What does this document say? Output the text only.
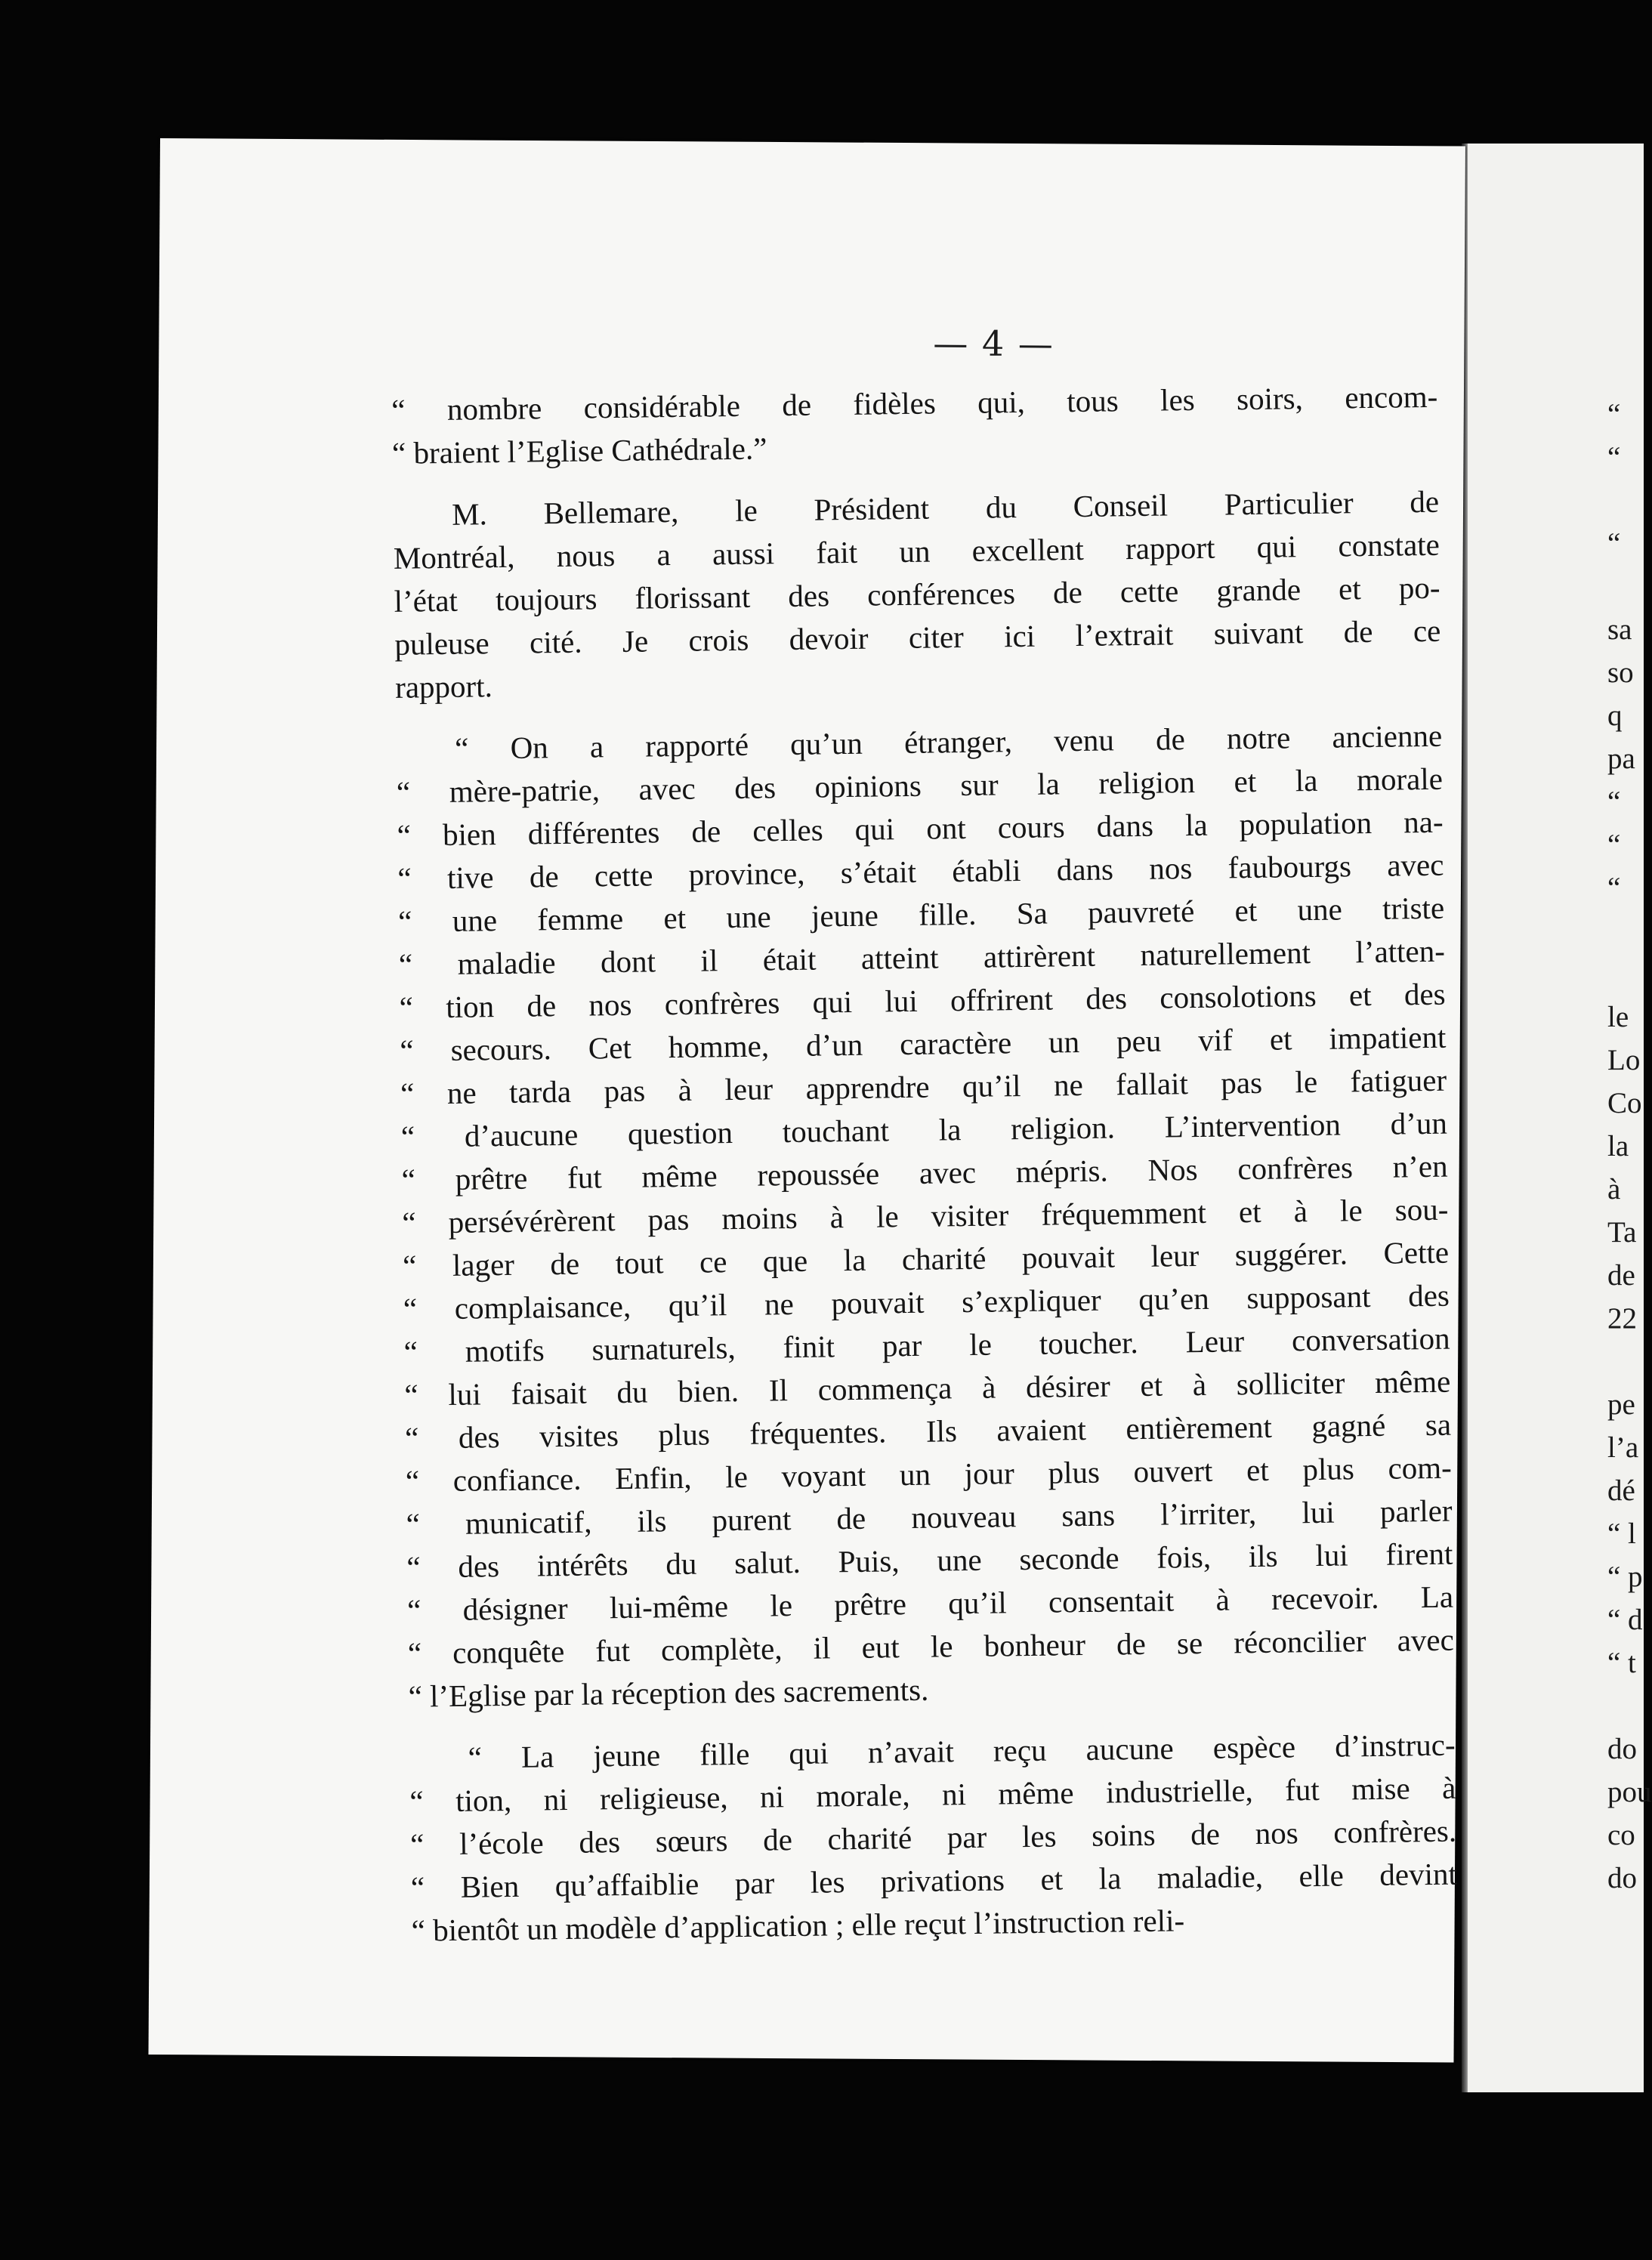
“
“

“

sa
so
q
pa
“
“
“

le
Lo
Co
la
à
Ta
de
22

pe
l’a
dé
“ l
“ p
“ d
“ t

do
pou
co
do
— 4 —
“ nombre considérable de fidèles qui, tous les soirs, encom-
“ braient l’Eglise Cathédrale.”
M. Bellemare, le Président du Conseil Particulier de
Montréal, nous a aussi fait un excellent rapport qui constate
l’état toujours florissant des conférences de cette grande et po-
puleuse cité. Je crois devoir citer ici l’extrait suivant de ce
rapport.
“ On a rapporté qu’un étranger, venu de notre ancienne
“ mère-patrie, avec des opinions sur la religion et la morale
“ bien différentes de celles qui ont cours dans la population na-
“ tive de cette province, s’était établi dans nos faubourgs avec
“ une femme et une jeune fille. Sa pauvreté et une triste
“ maladie dont il était atteint attirèrent naturellement l’atten-
“ tion de nos confrères qui lui offrirent des consolotions et des
“ secours. Cet homme, d’un caractère un peu vif et impatient
“ ne tarda pas à leur apprendre qu’il ne fallait pas le fatiguer
“ d’aucune question touchant la religion. L’intervention d’un
“ prêtre fut même repoussée avec mépris. Nos confrères n’en
“ persévérèrent pas moins à le visiter fréquemment et à le sou-
“ lager de tout ce que la charité pouvait leur suggérer. Cette
“ complaisance, qu’il ne pouvait s’expliquer qu’en supposant des
“ motifs surnaturels, finit par le toucher. Leur conversation
“ lui faisait du bien. Il commença à désirer et à solliciter même
“ des visites plus fréquentes. Ils avaient entièrement gagné sa
“ confiance. Enfin, le voyant un jour plus ouvert et plus com-
“ municatif, ils purent de nouveau sans l’irriter, lui parler
“ des intérêts du salut. Puis, une seconde fois, ils lui firent
“ désigner lui-même le prêtre qu’il consentait à recevoir. La
“ conquête fut complète, il eut le bonheur de se réconcilier avec
“ l’Eglise par la réception des sacrements.
“ La jeune fille qui n’avait reçu aucune espèce d’instruc-
“ tion, ni religieuse, ni morale, ni même industrielle, fut mise à
“ l’école des sœurs de charité par les soins de nos confrères.
“ Bien qu’affaiblie par les privations et la maladie, elle devint
“ bientôt un modèle d’application ; elle reçut l’instruction reli-
